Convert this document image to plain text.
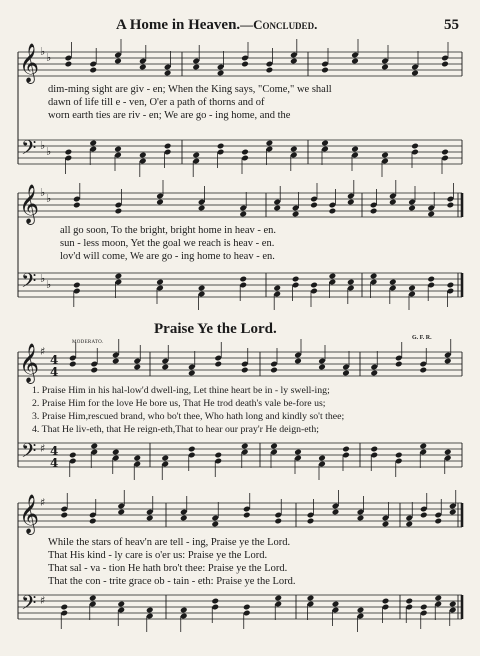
𝄞
𝄢
♭ ♭
♭ ♭
𝄞
𝄢
♭ ♭
♭ ♭
𝄞
𝄢
♯
♯
4
4
4
4
𝄞
𝄢
♯
♯
A Home in Heaven.—Concluded.	55
dim-ming sight are giv - en; When the King says, "Come," we shall
dawn of life till e - ven, O'er a path of thorns and of
worn earth ties are riv - en; We are go - ing home, and the
all go soon, To the bright, bright home in heav - en.
sun - less moon, Yet the goal we reach is heav - en.
lov'd will come, We are go - ing home to heav - en.
Praise Ye the Lord.
MODERATO.
G. F. R.
1. Praise Him in his hal-low'd dwell-ing, Let thine heart be in - ly swell-ing;
2. Praise Him for the love He bore us, That He trod death's vale be-fore us;
3. Praise Him,rescued brand, who bo't thee, Who hath long and kindly so't thee;
4. That He liv-eth, that He reign-eth,That to hear our pray'r He deign-eth;
While the stars of heav'n are tell - ing, Praise ye the Lord.
That His kind - ly care is o'er us: Praise ye the Lord.
That sal - va - tion He hath bro't thee: Praise ye the Lord.
That the con - trite grace ob - tain - eth: Praise ye the Lord.
